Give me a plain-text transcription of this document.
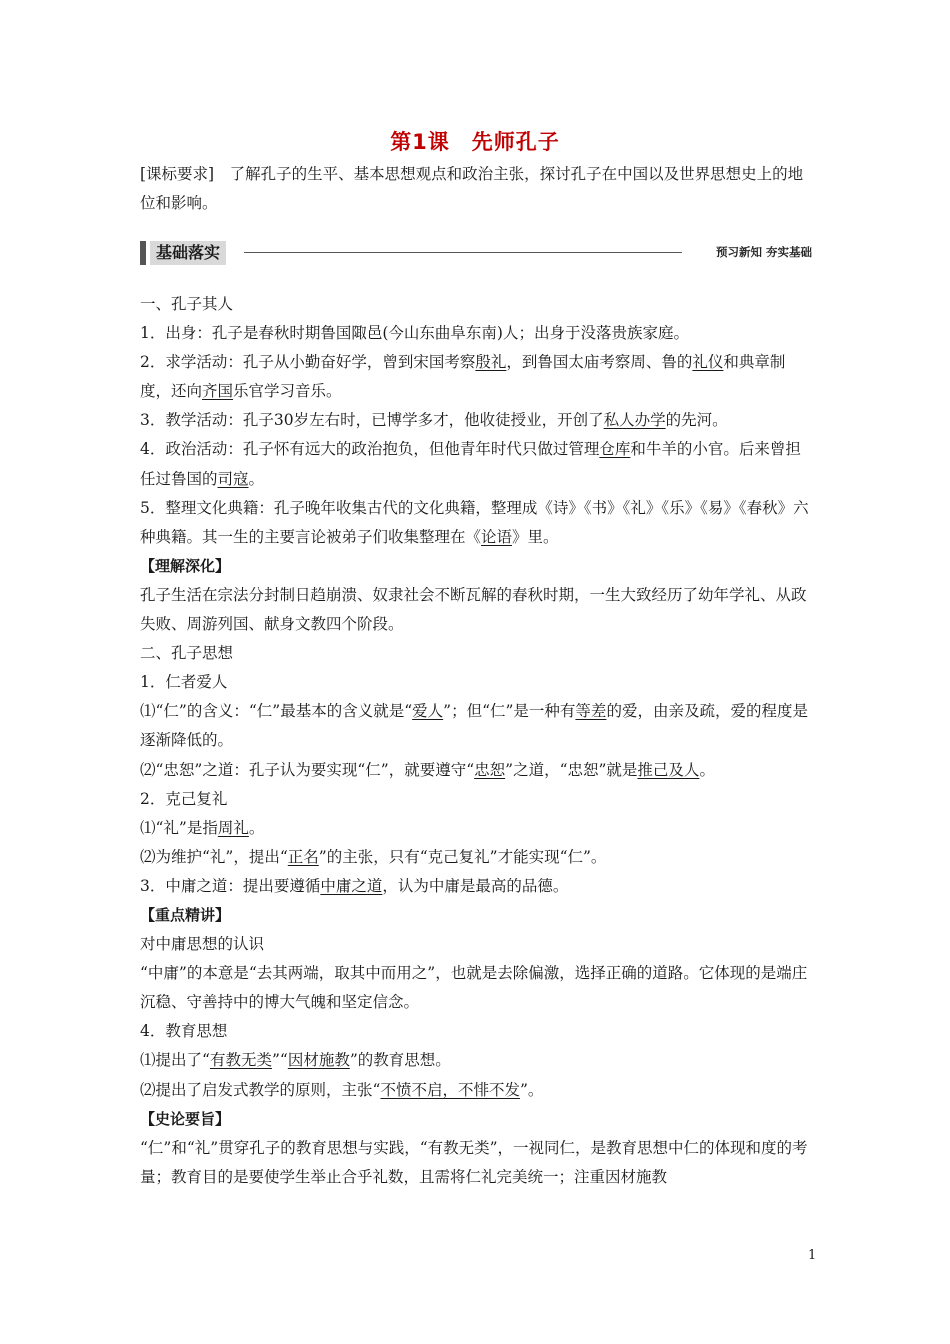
第1课　先师孔子
[课标要求]　了解孔子的生平、基本思想观点和政治主张，探讨孔子在中国以及世界思想史上的地位和影响。
基础落实	预习新知 夯实基础

一、孔子其人

1．出身：孔子是春秋时期鲁国陬邑(今山东曲阜东南)人；出身于没落贵族家庭。

2．求学活动：孔子从小勤奋好学，曾到宋国考察殷礼，到鲁国太庙考察周、鲁的礼仪和典章制度，还向齐国乐官学习音乐。

3．教学活动：孔子30岁左右时，已博学多才，他收徒授业，开创了私人办学的先河。

4．政治活动：孔子怀有远大的政治抱负，但他青年时代只做过管理仓库和牛羊的小官。后来曾担任过鲁国的司寇。

5．整理文化典籍：孔子晚年收集古代的文化典籍，整理成《诗》《书》《礼》《乐》《易》《春秋》六种典籍。其一生的主要言论被弟子们收集整理在《论语》里。

【理解深化】

孔子生活在宗法分封制日趋崩溃、奴隶社会不断瓦解的春秋时期，一生大致经历了幼年学礼、从政失败、周游列国、献身文教四个阶段。

二、孔子思想

1．仁者爱人

⑴“仁”的含义：“仁”最基本的含义就是“爱人”；但“仁”是一种有等差的爱，由亲及疏，爱的程度是逐渐降低的。

⑵“忠恕”之道：孔子认为要实现“仁”，就要遵守“忠恕”之道，“忠恕”就是推己及人。

2．克己复礼

⑴“礼”是指周礼。

⑵为维护“礼”，提出“正名”的主张，只有“克己复礼”才能实现“仁”。

3．中庸之道：提出要遵循中庸之道，认为中庸是最高的品德。

【重点精讲】

对中庸思想的认识

“中庸”的本意是“去其两端，取其中而用之”，也就是去除偏激，选择正确的道路。它体现的是端庄沉稳、守善持中的博大气魄和坚定信念。

4．教育思想

⑴提出了“有教无类”“因材施教”的教育思想。

⑵提出了启发式教学的原则，主张“不愤不启，不悱不发”。

【史论要旨】

“仁”和“礼”贯穿孔子的教育思想与实践，“有教无类”，一视同仁，是教育思想中仁的体现和度的考量；教育目的是要使学生举止合乎礼数，且需将仁礼完美统一；注重因材施教

1
